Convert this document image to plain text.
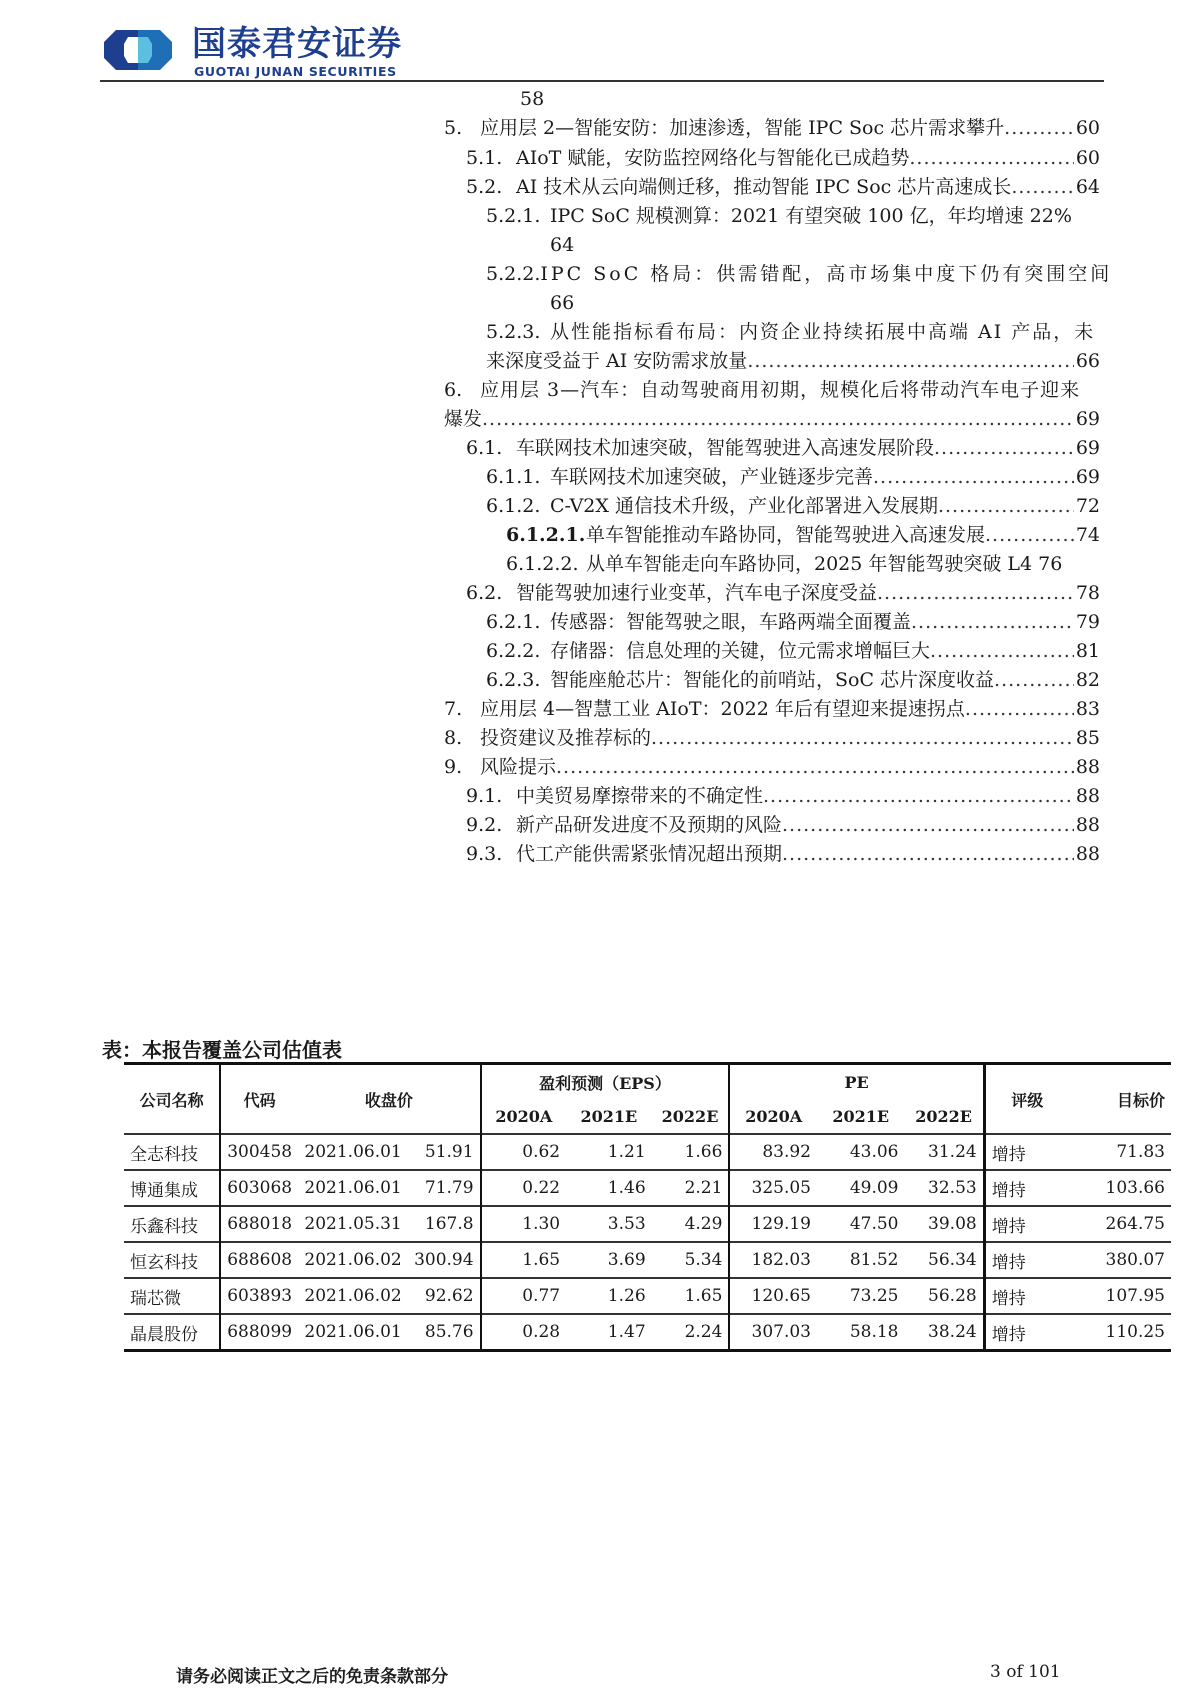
国泰君安证券
GUOTAI JUNAN SECURITIES
58
5. 应用层 2—智能安防：加速渗透，智能 IPC Soc 芯片需求攀升 .....	60
5.1. AIoT 赋能，安防监控网络化与智能化已成趋势 .....	60
5.2. AI 技术从云向端侧迁移，推动智能 IPC Soc 芯片高速成长 .....	64
5.2.1. IPC SoC 规模测算：2021 有望突破 100 亿，年均增速 22%
64
5.2.2. IPC SoC 格局：供需错配，高市场集中度下仍有突围空间
66
5.2.3. 从性能指标看布局：内资企业持续拓展中高端 AI 产品，未
来深度受益于 AI 安防需求放量 .....	66
6. 应用层 3—汽车：自动驾驶商用初期，规模化后将带动汽车电子迎来
爆发 .....	69
6.1. 车联网技术加速突破，智能驾驶进入高速发展阶段 .....	69
6.1.1. 车联网技术加速突破，产业链逐步完善 .....	69
6.1.2. C-V2X 通信技术升级，产业化部署进入发展期 .....	72
6.1.2.1. 单车智能推动车路协同，智能驾驶进入高速发展 .....	74
6.1.2.2. 从单车智能走向车路协同，2025 年智能驾驶突破 L4 76
6.2. 智能驾驶加速行业变革，汽车电子深度受益 .....	78
6.2.1. 传感器：智能驾驶之眼，车路两端全面覆盖 .....	79
6.2.2. 存储器：信息处理的关键，位元需求增幅巨大 .....	81
6.2.3. 智能座舱芯片：智能化的前哨站，SoC 芯片深度收益 .....	82
7. 应用层 4—智慧工业 AIoT：2022 年后有望迎来提速拐点 .....	83
8. 投资建议及推荐标的 .....	85
9. 风险提示 .....	88
9.1. 中美贸易摩擦带来的不确定性 .....	88
9.2. 新产品研发进度不及预期的风险 .....	88
9.3. 代工产能供需紧张情况超出预期 .....	88
表：本报告覆盖公司估值表
公司名称	代码	收盘价		盈利预测（EPS）			PE			评级	目标价
				2020A	2021E	2022E	2020A	2021E	2022E		
全志科技	300458	2021.06.01	51.91	0.62	1.21	1.66	83.92	43.06	31.24	增持	71.83
博通集成	603068	2021.06.01	71.79	0.22	1.46	2.21	325.05	49.09	32.53	增持	103.66
乐鑫科技	688018	2021.05.31	167.8	1.30	3.53	4.29	129.19	47.50	39.08	增持	264.75
恒玄科技	688608	2021.06.02	300.94	1.65	3.69	5.34	182.03	81.52	56.34	增持	380.07
瑞芯微	603893	2021.06.02	92.62	0.77	1.26	1.65	120.65	73.25	56.28	增持	107.95
晶晨股份	688099	2021.06.01	85.76	0.28	1.47	2.24	307.03	58.18	38.24	增持	110.25
请务必阅读正文之后的免责条款部分	3 of 101
